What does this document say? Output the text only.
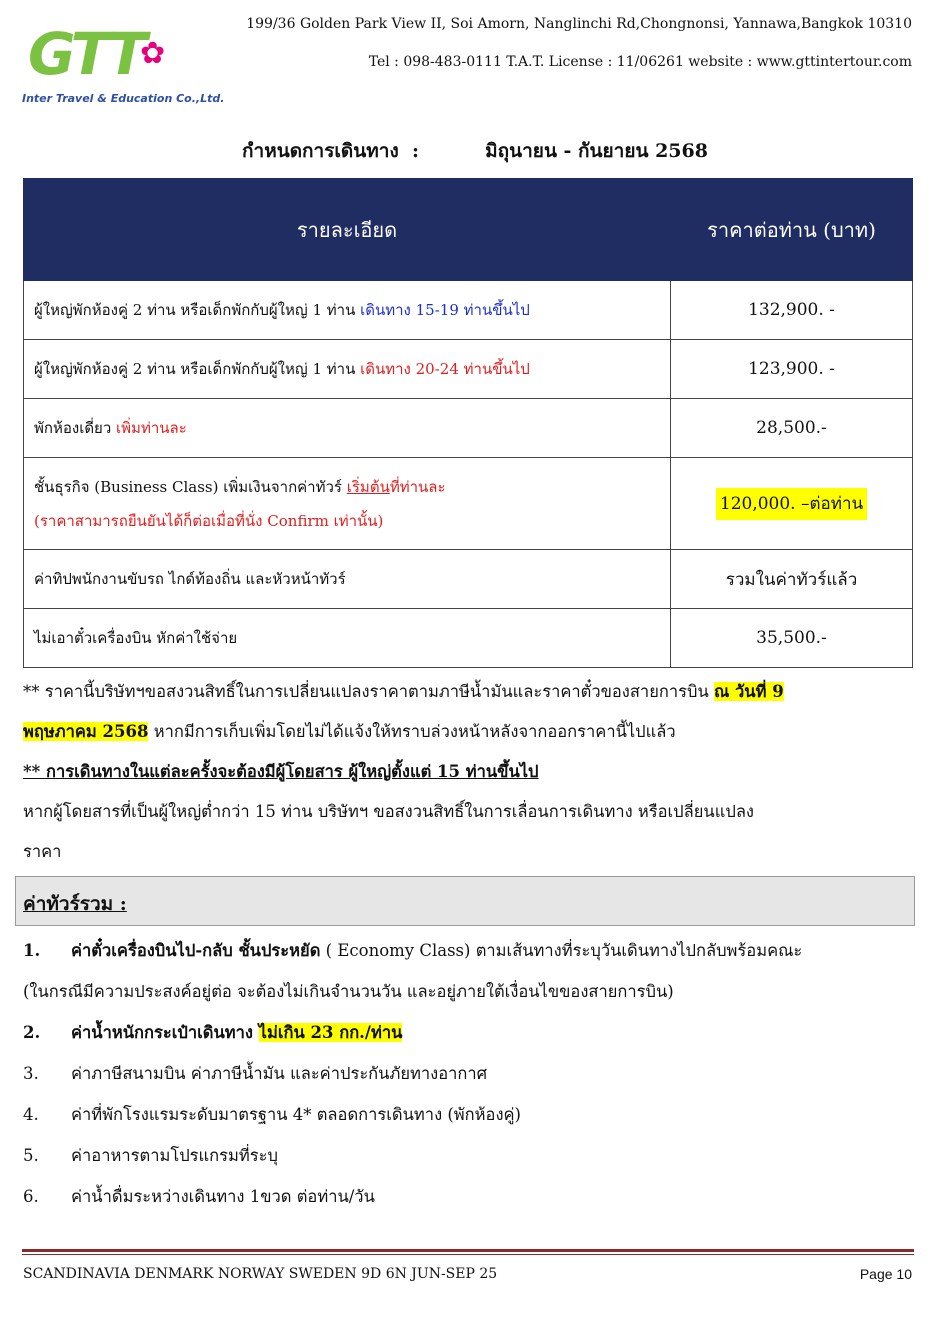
GTT
✿
Inter Travel & Education Co.,Ltd.
199/36 Golden Park View II, Soi Amorn, Nanglinchi Rd,Chongnonsi, Yannawa,Bangkok 10310
Tel : 098-483-0111 T.A.T. License : 11/06261 website : www.gttintertour.com
กำหนดการเดินทาง  :	มิถุนายน - กันยายน 2568
รายละเอียด	ราคาต่อท่าน (บาท)
ผู้ใหญ่พักห้องคู่ 2 ท่าน หรือเด็กพักกับผู้ใหญ่ 1 ท่าน เดินทาง 15-19 ท่านขึ้นไป	132,900. -
ผู้ใหญ่พักห้องคู่ 2 ท่าน หรือเด็กพักกับผู้ใหญ่ 1 ท่าน เดินทาง 20-24 ท่านขึ้นไป	123,900. -
พักห้องเดี่ยว เพิ่มท่านละ	28,500.-
ชั้นธุรกิจ (Business Class) เพิ่มเงินจากค่าทัวร์ เริ่มต้นที่ท่านละ
(ราคาสามารถยืนยันได้ก็ต่อเมื่อที่นั่ง Confirm เท่านั้น)	120,000. –ต่อท่าน
ค่าทิปพนักงานขับรถ ไกด์ท้องถิ่น และหัวหน้าทัวร์	รวมในค่าทัวร์แล้ว
ไม่เอาตั๋วเครื่องบิน หักค่าใช้จ่าย	35,500.-

** ราคานี้บริษัทฯขอสงวนสิทธิ์ในการเปลี่ยนแปลงราคาตามภาษีน้ำมันและราคาตั๋วของสายการบิน ณ วันที่ 9

พฤษภาคม 2568 หากมีการเก็บเพิ่มโดยไม่ได้แจ้งให้ทราบล่วงหน้าหลังจากออกราคานี้ไปแล้ว

** การเดินทางในแต่ละครั้งจะต้องมีผู้โดยสาร ผู้ใหญ่ตั้งแต่ 15 ท่านขึ้นไป

หากผู้โดยสารที่เป็นผู้ใหญ่ต่ำกว่า 15 ท่าน บริษัทฯ ขอสงวนสิทธิ์ในการเลื่อนการเดินทาง หรือเปลี่ยนแปลง

ราคา

ค่าทัวร์รวม :
1.	ค่าตั๋วเครื่องบินไป-กลับ ชั้นประหยัด ( Economy Class) ตามเส้นทางที่ระบุวันเดินทางไปกลับพร้อมคณะ
(ในกรณีมีความประสงค์อยู่ต่อ จะต้องไม่เกินจำนวนวัน และอยู่ภายใต้เงื่อนไขของสายการบิน)
2.	ค่าน้ำหนักกระเป๋าเดินทาง ไม่เกิน 23 กก./ท่าน
3.	ค่าภาษีสนามบิน ค่าภาษีน้ำมัน และค่าประกันภัยทางอากาศ
4.	ค่าที่พักโรงแรมระดับมาตรฐาน 4* ตลอดการเดินทาง (พักห้องคู่)
5.	ค่าอาหารตามโปรแกรมที่ระบุ
6.	ค่าน้ำดื่มระหว่างเดินทาง 1ขวด ต่อท่าน/วัน
SCANDINAVIA DENMARK NORWAY SWEDEN 9D 6N JUN-SEP 25	Page 10
